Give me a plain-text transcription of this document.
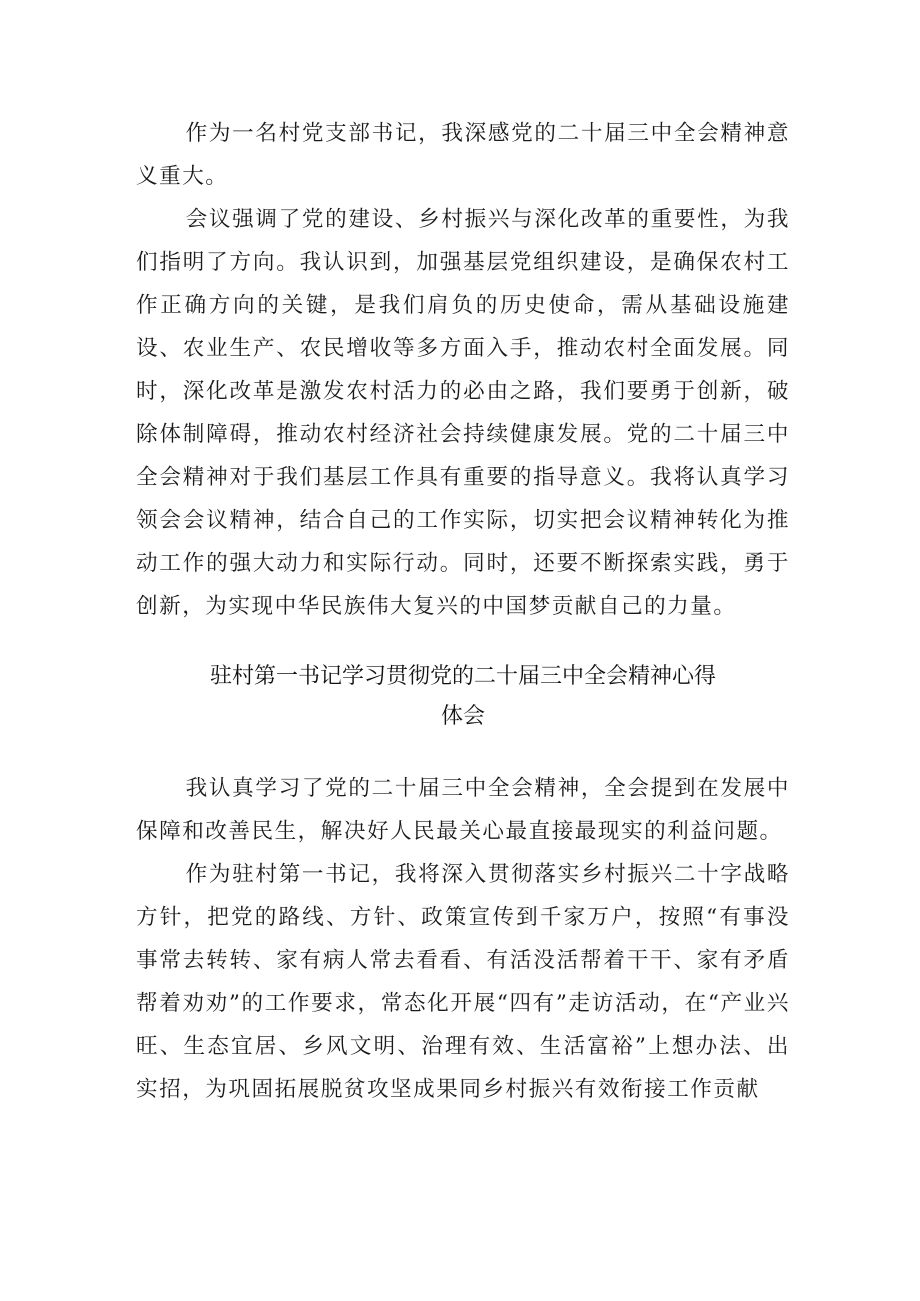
作为一名村党支部书记，我深感党的二十届三中全会精神意义重大。

会议强调了党的建设、乡村振兴与深化改革的重要性，为我们指明了方向。我认识到，加强基层党组织建设，是确保农村工作正确方向的关键，是我们肩负的历史使命，需从基础设施建设、农业生产、农民增收等多方面入手，推动农村全面发展。同时，深化改革是激发农村活力的必由之路，我们要勇于创新，破除体制障碍，推动农村经济社会持续健康发展。党的二十届三中全会精神对于我们基层工作具有重要的指导意义。我将认真学习领会会议精神，结合自己的工作实际，切实把会议精神转化为推动工作的强大动力和实际行动。同时，还要不断探索实践，勇于创新，为实现中华民族伟大复兴的中国梦贡献自己的力量。

驻村第一书记学习贯彻党的二十届三中全会精神心得
体会

我认真学习了党的二十届三中全会精神，全会提到在发展中保障和改善民生，解决好人民最关心最直接最现实的利益问题。

作为驻村第一书记，我将深入贯彻落实乡村振兴二十字战略方针，把党的路线、方针、政策宣传到千家万户，按照“有事没事常去转转、家有病人常去看看、有活没活帮着干干、家有矛盾帮着劝劝”的工作要求，常态化开展“四有”走访活动，在“产业兴旺、生态宜居、乡风文明、治理有效、生活富裕”上想办法、出实招，为巩固拓展脱贫攻坚成果同乡村振兴有效衔接工作贡献
